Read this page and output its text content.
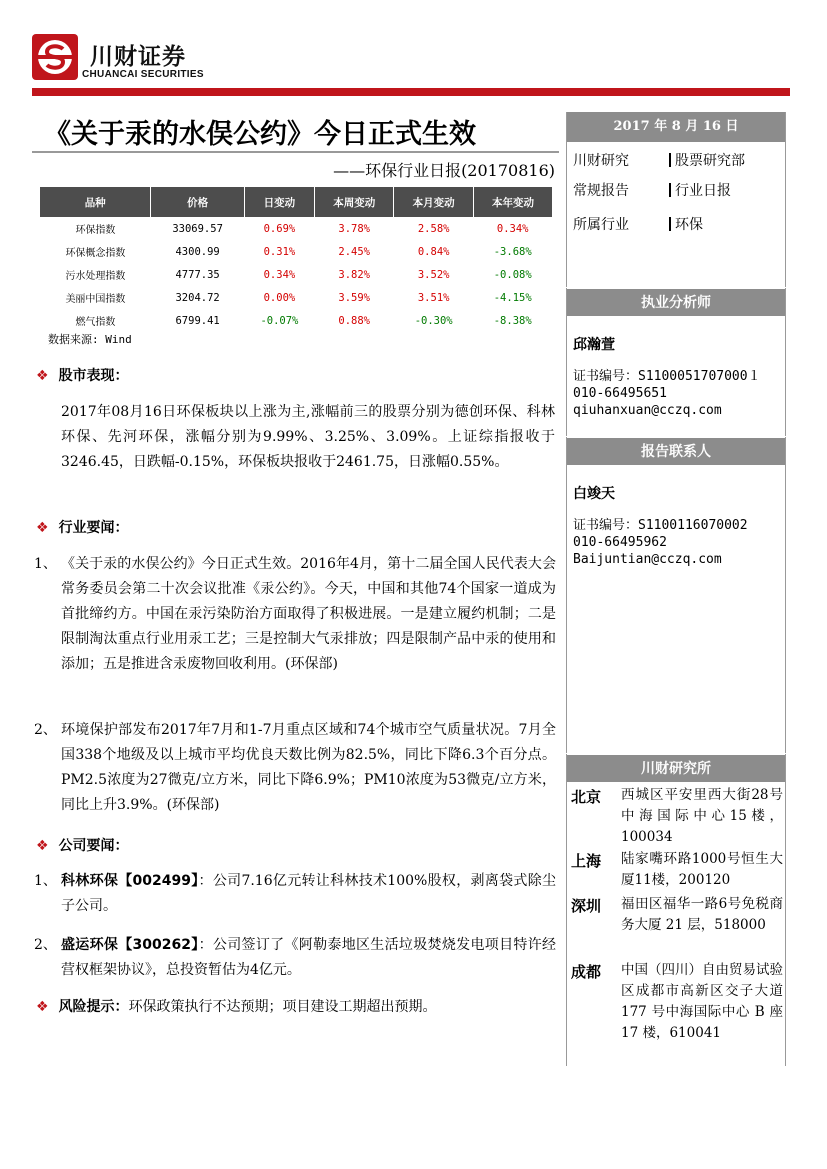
川财证券
CHUANCAI SECURITIES
《关于汞的水俣公约》今日正式生效
——环保行业日报(20170816)
品种	价格	日变动	本周变动	本月变动	本年变动
环保指数	33069.57	0.69%	3.78%	2.58%	0.34%
环保概念指数	4300.99	0.31%	2.45%	0.84%	-3.68%
污水处理指数	4777.35	0.34%	3.82%	3.52%	-0.08%
美丽中国指数	3204.72	0.00%	3.59%	3.51%	-4.15%
燃气指数	6799.41	-0.07%	0.88%	-0.30%	-8.38%
数据来源: Wind
❖ 股市表现：
2017年08月16日环保板块以上涨为主,涨幅前三的股票分别为德创环保、科林环保、先河环保，涨幅分别为9.99%、3.25%、3.09%。上证综指报收于3246.45，日跌幅-0.15%，环保板块报收于2461.75，日涨幅0.55%。
❖ 行业要闻：
1、 《关于汞的水俣公约》今日正式生效。2016年4月，第十二届全国人民代表大会常务委员会第二十次会议批准《汞公约》。今天，中国和其他74个国家一道成为首批缔约方。中国在汞污染防治方面取得了积极进展。一是建立履约机制；二是限制淘汰重点行业用汞工艺；三是控制大气汞排放；四是限制产品中汞的使用和添加；五是推进含汞废物回收利用。(环保部)
2、 环境保护部发布2017年7月和1-7月重点区域和74个城市空气质量状况。7月全国338个地级及以上城市平均优良天数比例为82.5%，同比下降6.3个百分点。PM2.5浓度为27微克/立方米，同比下降6.9%；PM10浓度为53微克/立方米，同比上升3.9%。(环保部)
❖ 公司要闻：
1、 科林环保【002499】：公司7.16亿元转让科林技术100%股权，剥离袋式除尘子公司。
2、 盛运环保【300262】：公司签订了《阿勒泰地区生活垃圾焚烧发电项目特许经营权框架协议》，总投资暂估为4亿元。
❖ 风险提示：环保政策执行不达预期；项目建设工期超出预期。
2017 年 8 月 16 日
川财研究	股票研究部
常规报告	行业日报
所属行业	环保
执业分析师
邱瀚萱
证书编号：S1100051707000１
010-66495651
qiuhanxuan@cczq.com
报告联系人
白竣天
证书编号：S1100116070002
010-66495962
Baijuntian@cczq.com
川财研究所
北京 西城区平安里西大街28号中海国际中心15楼，100034
上海 陆家嘴环路1000号恒生大厦11楼，200120
深圳 福田区福华一路6号免税商务大厦 21 层，518000
成都 中国（四川）自由贸易试验区成都市高新区交子大道 177 号中海国际中心 B 座 17 楼，610041
